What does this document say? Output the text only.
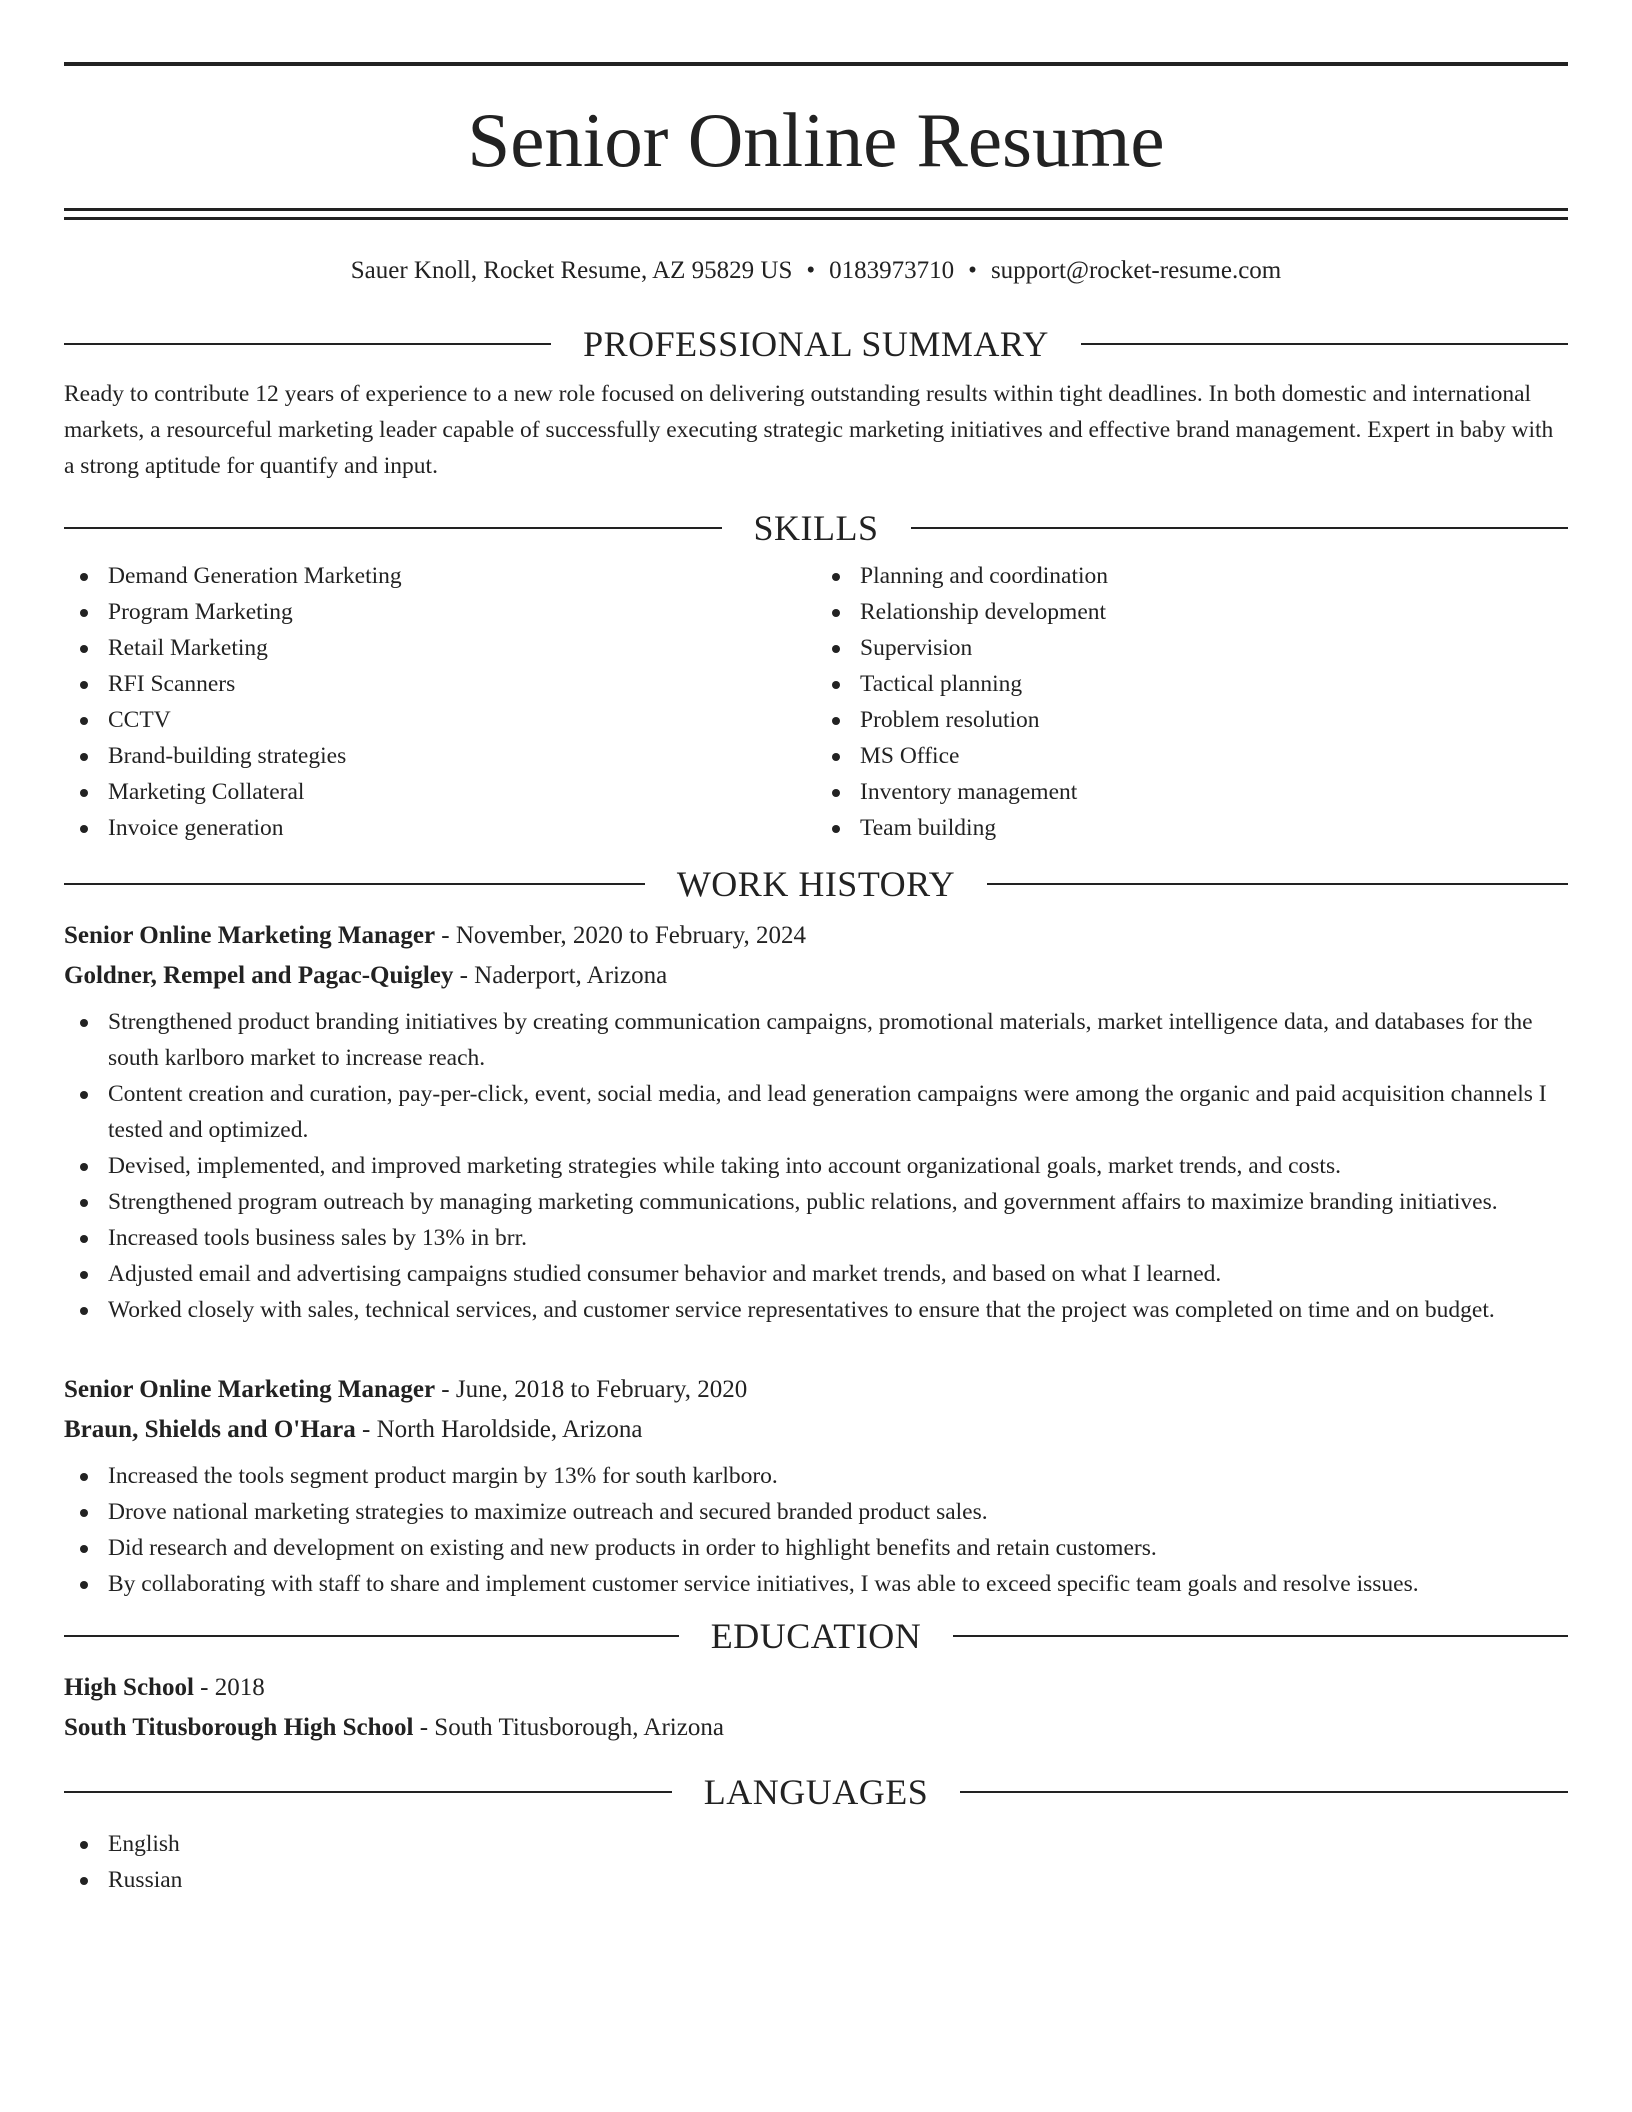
Senior Online Resume
Sauer Knoll, Rocket Resume, AZ 95829 US • 0183973710 • support@rocket-resume.com
PROFESSIONAL SUMMARY

Ready to contribute 12 years of experience to a new role focused on delivering outstanding results within tight deadlines. In both domestic and international markets, a resourceful marketing leader capable of successfully executing strategic marketing initiatives and effective brand management. Expert in baby with a strong aptitude for quantify and input.

SKILLS
Demand Generation Marketing
Program Marketing
Retail Marketing
RFI Scanners
CCTV
Brand-building strategies
Marketing Collateral
Invoice generation
Planning and coordination
Relationship development
Supervision
Tactical planning
Problem resolution
MS Office
Inventory management
Team building
WORK HISTORY
Senior Online Marketing Manager - November, 2020 to February, 2024
Goldner, Rempel and Pagac-Quigley - Naderport, Arizona
Strengthened product branding initiatives by creating communication campaigns, promotional materials, market intelligence data, and databases for the south karlboro market to increase reach.
Content creation and curation, pay-per-click, event, social media, and lead generation campaigns were among the organic and paid acquisition channels I tested and optimized.
Devised, implemented, and improved marketing strategies while taking into account organizational goals, market trends, and costs.
Strengthened program outreach by managing marketing communications, public relations, and government affairs to maximize branding initiatives.
Increased tools business sales by 13% in brr.
Adjusted email and advertising campaigns studied consumer behavior and market trends, and based on what I learned.
Worked closely with sales, technical services, and customer service representatives to ensure that the project was completed on time and on budget.
Senior Online Marketing Manager - June, 2018 to February, 2020
Braun, Shields and O'Hara - North Haroldside, Arizona
Increased the tools segment product margin by 13% for south karlboro.
Drove national marketing strategies to maximize outreach and secured branded product sales.
Did research and development on existing and new products in order to highlight benefits and retain customers.
By collaborating with staff to share and implement customer service initiatives, I was able to exceed specific team goals and resolve issues.
EDUCATION
High School - 2018
South Titusborough High School - South Titusborough, Arizona
LANGUAGES
English
Russian
